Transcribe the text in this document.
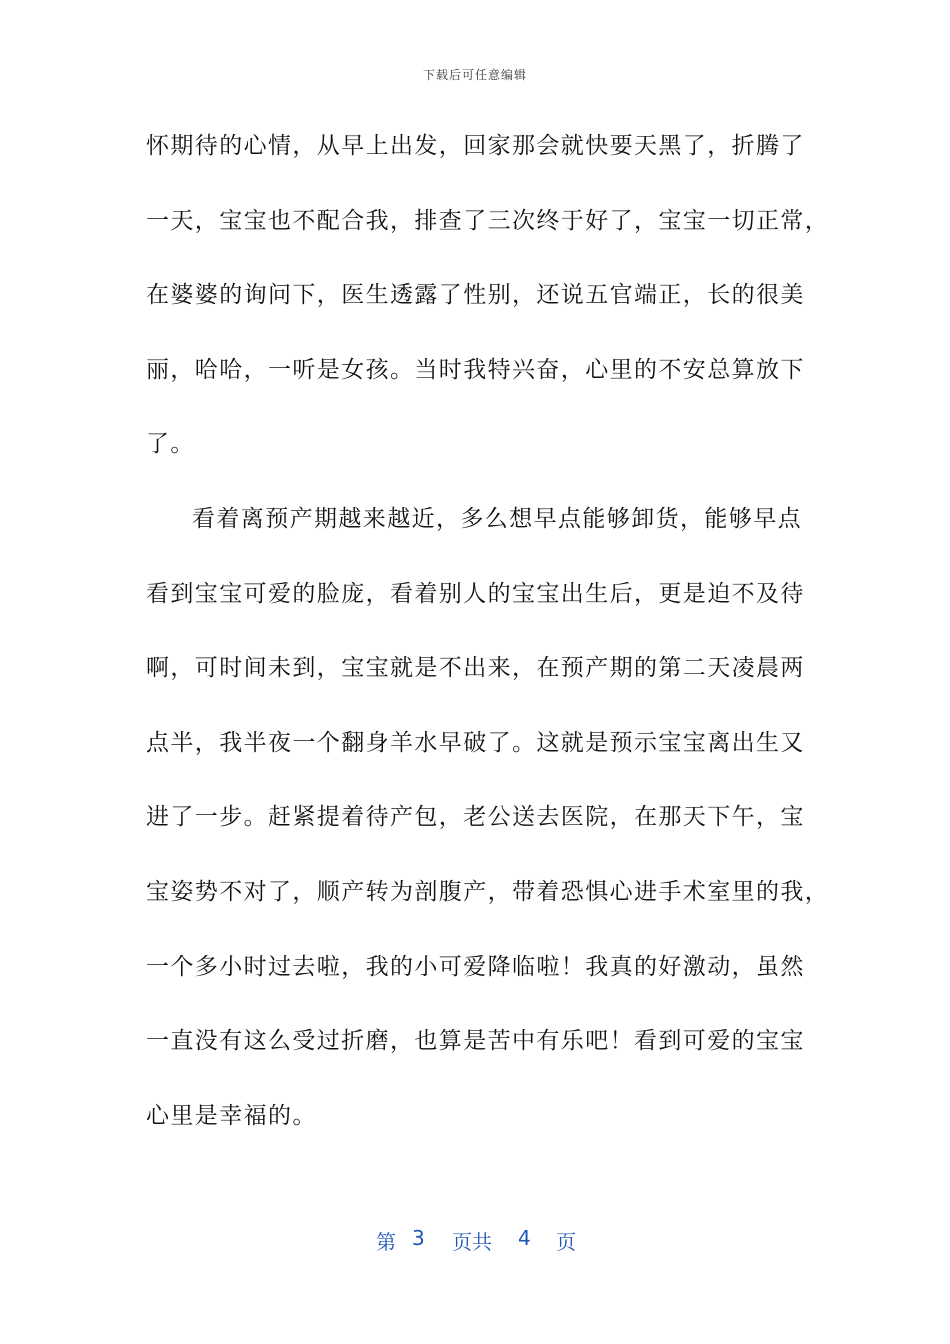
下载后可任意编辑
怀期待的心情，从早上出发，回家那会就快要天黑了，折腾了
一天，宝宝也不配合我，排查了三次终于好了，宝宝一切正常，
在婆婆的询问下，医生透露了性别，还说五官端正，长的很美
丽，哈哈，一听是女孩。当时我特兴奋，心里的不安总算放下
了。
看着离预产期越来越近，多么想早点能够卸货，能够早点
看到宝宝可爱的脸庞，看着别人的宝宝出生后，更是迫不及待
啊，可时间未到，宝宝就是不出来，在预产期的第二天凌晨两
点半，我半夜一个翻身羊水早破了。这就是预示宝宝离出生又
进了一步。赶紧提着待产包，老公送去医院，在那天下午，宝
宝姿势不对了，顺产转为剖腹产，带着恐惧心进手术室里的我，
一个多小时过去啦，我的小可爱降临啦！我真的好激动，虽然
一直没有这么受过折磨，也算是苦中有乐吧！看到可爱的宝宝
心里是幸福的。
第 3 页共 4 页
